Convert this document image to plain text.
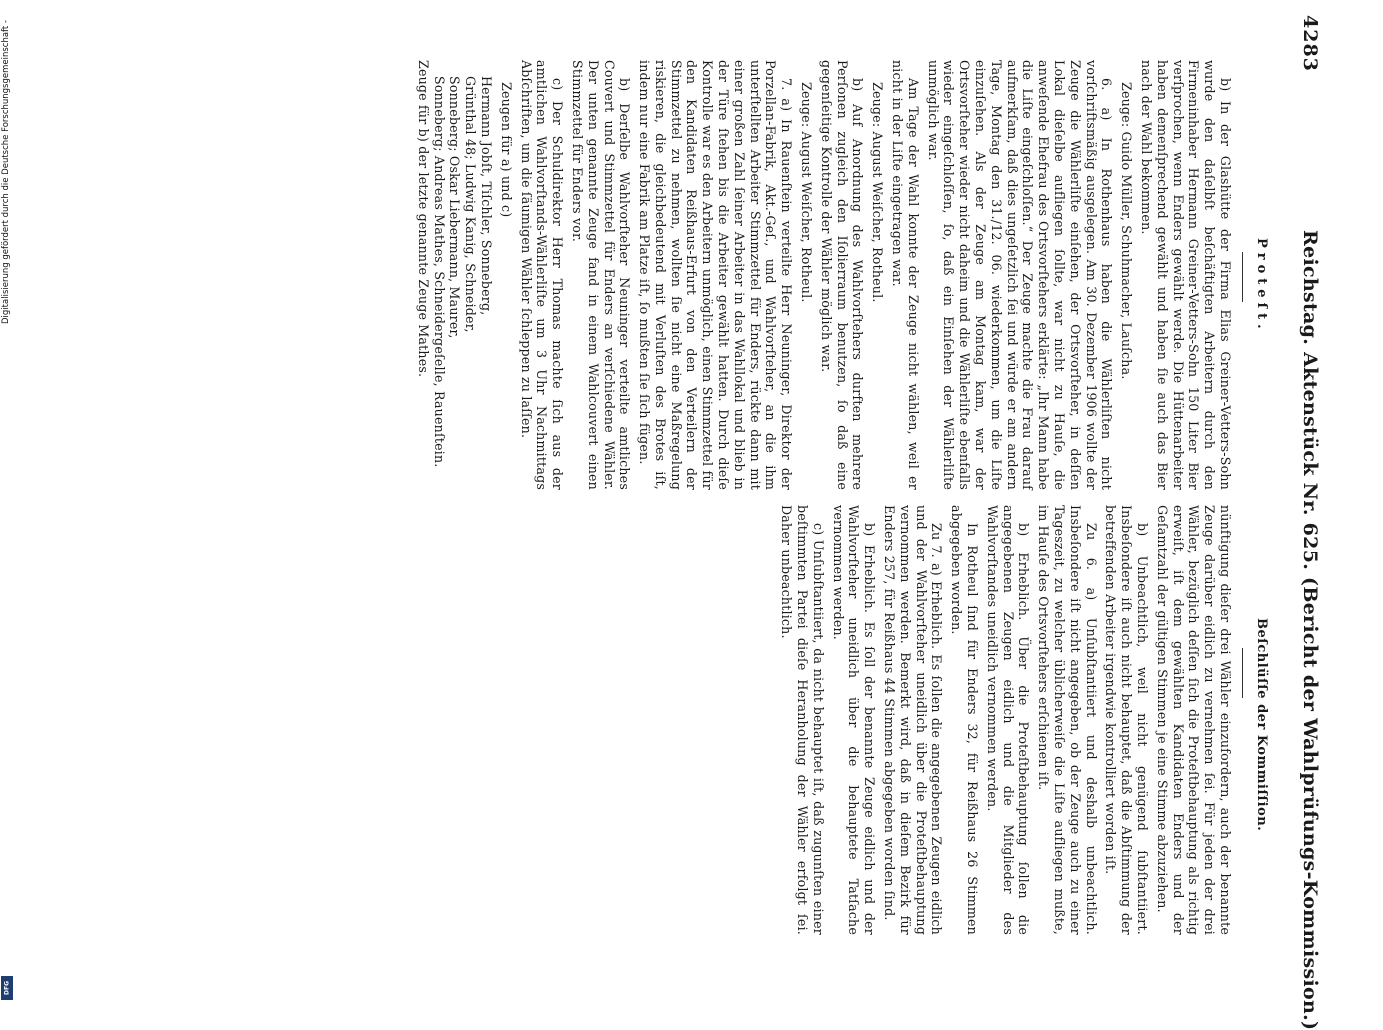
4283
Reichstag. Aktenstück Nr. 625. (Bericht der Wahlprüfungs-Kommission.)
Proteſt.
Beſchlüſſe der Kommiſſion.

b) In der Glashütte der Firma Elias Greiner-Vetters-Sohn wurde den daſelbſt beſchäftigten Arbeitern durch den Firmeninhaber Hermann Greiner-Vetters-Sohn 150 Liter Bier verſprochen, wenn Enders gewählt werde. Die Hüttenarbeiter haben demenſprechend gewählt und haben ſie auch das Bier nach der Wahl bekommen.

Zeuge: Guido Müller, Schuhmacher, Lauſcha.

6. a) In Rothenhaus haben die Wählerliſten nicht vorſchriftsmäßig ausgelegen. Am 30. Dezember 1906 wollte der Zeuge die Wählerliſte einſehen, der Ortsvorſteher, in deſſen Lokal dieſelbe aufliegen ſollte, war nicht zu Hauſe, die anweſende Ehefrau des Ortsvorſtehers erklärte: „Ihr Mann habe die Liſte eingeſchloſſen.“ Der Zeuge machte die Frau darauf aufmerkſam, daß dies ungeſetzlich ſei und würde er am andern Tage, Montag den 31./12. 06. wiederkommen, um die Liſte einzuſehen. Als der Zeuge am Montag kam, war der Ortsvorſteher wieder nicht daheim und die Wählerliſte ebenfalls wieder eingeſchloſſen, ſo, daß ein Einſehen der Wählerliſte unmöglich war.

Am Tage der Wahl konnte der Zeuge nicht wählen, weil er nicht in der Liſte eingetragen war.

Zeuge: August Weiſcher, Rotheul.

b) Auf Anordnung des Wahlvorſtehers durften mehrere Perſonen zugleich den Iſolierraum benutzen, ſo daß eine gegenſeitige Kontrolle der Wähler möglich war.

Zeuge: August Weiſcher, Rotheul.

7. a) In Rauenſtein verteilte Herr Neuninger, Direktor der Porzellan-Fabrik, Akt.-Geſ., und Wahlvorſteher, an die ihm unterſtellten Arbeiter Stimmzettel für Enders, rückte dann mit einer großen Zahl ſeiner Arbeiter in das Wahllokal und blieb in der Türe ſtehen bis die Arbeiter gewählt hatten. Durch dieſe Kontrolle war es den Arbeitern unmöglich, einen Stimmzettel für den Kandidaten Reißhaus-Erfurt von den Verteilern der Stimmzettel zu nehmen, wollten ſie nicht eine Maßregelung riskieren, die gleichbedeutend mit Verluſten des Brotes iſt, indem nur eine Fabrik am Platze iſt, ſo mußten ſie ſich fügen.

b) Derſelbe Wahlvorſteher Neuninger verteilte amtliches Couvert und Stimmzettel für Enders an verſchiedene Wähler. Der unten genannte Zeuge fand in einem Wahlcouvert einen Stimmzettel für Enders vor.

c) Der Schuldirektor Herr Thomas machte ſich aus der amtlichen Wahlvorſtands-Wählerliſte um 3 Uhr Nachmittags Abſchriften, um die ſäumigen Wähler ſchleppen zu laſſen.

Zeugen für a) und c)

Hermann Jobſt, Tiſchler, Sonneberg,
Grünthal 48; Ludwig Kanig, Schneider,
Sonneberg; Oskar Liebermann, Maurer,
Sonneberg; Andreas Mathes, Schneidergeſelle, Rauenſtein.

Zeuge für b) der letzte genannte Zeuge Mathes.

nünftigung dieſer drei Wähler einzufordern, auch der benannte Zeuge darüber eidlich zu vernehmen ſei. Für jeden der drei Wähler, bezüglich deſſen ſich die Proteſtbehauptung als richtig erweiſt, iſt dem gewählten Kandidaten Enders und der Geſamtzahl der gültigen Stimmen je eine Stimme abzuziehen.

b) Unbeachtlich, weil nicht genügend ſubſtantiiert. Insbeſondere iſt auch nicht behauptet, daß die Abſtimmung der betreffenden Arbeiter irgendwie kontrolliert worden iſt.

Zu 6. a) Unſubſtantiiert und deshalb unbeachtlich. Insbeſondere iſt nicht angegeben, ob der Zeuge auch zu einer Tageszeit, zu welcher üblicherweiſe die Liſte aufliegen mußte, im Hauſe des Ortsvorſtehers erſchienen iſt.

b) Erheblich. Über die Proteſtbehauptung ſollen die angegebenen Zeugen eidlich und die Mitglieder des Wahlvorſtandes uneidlich vernommen werden.

In Rotheul ſind für Enders 32, für Reißhaus 26 Stimmen abgegeben worden.

Zu 7. a) Erheblich. Es ſollen die angegebenen Zeugen eidlich und der Wahlvorſteher uneidlich über die Proteſtbehauptung vernommen werden. Bemerkt wird, daß in dieſem Bezirk für Enders 257, für Reißhaus 44 Stimmen abgegeben worden ſind.

b) Erheblich. Es ſoll der benannte Zeuge eidlich und der Wahlvorſteher uneidlich über die behauptete Tatſache vernommen werden.

c) Unſubſtantiiert, da nicht behauptet iſt, daß zugunſten einer beſtimmten Partei dieſe Heranholung der Wähler erfolgt ſei. Daher unbeachtlich.

Digitalisierung gefördert durch die Deutsche Forschungsgemeinschaft -
DFG
